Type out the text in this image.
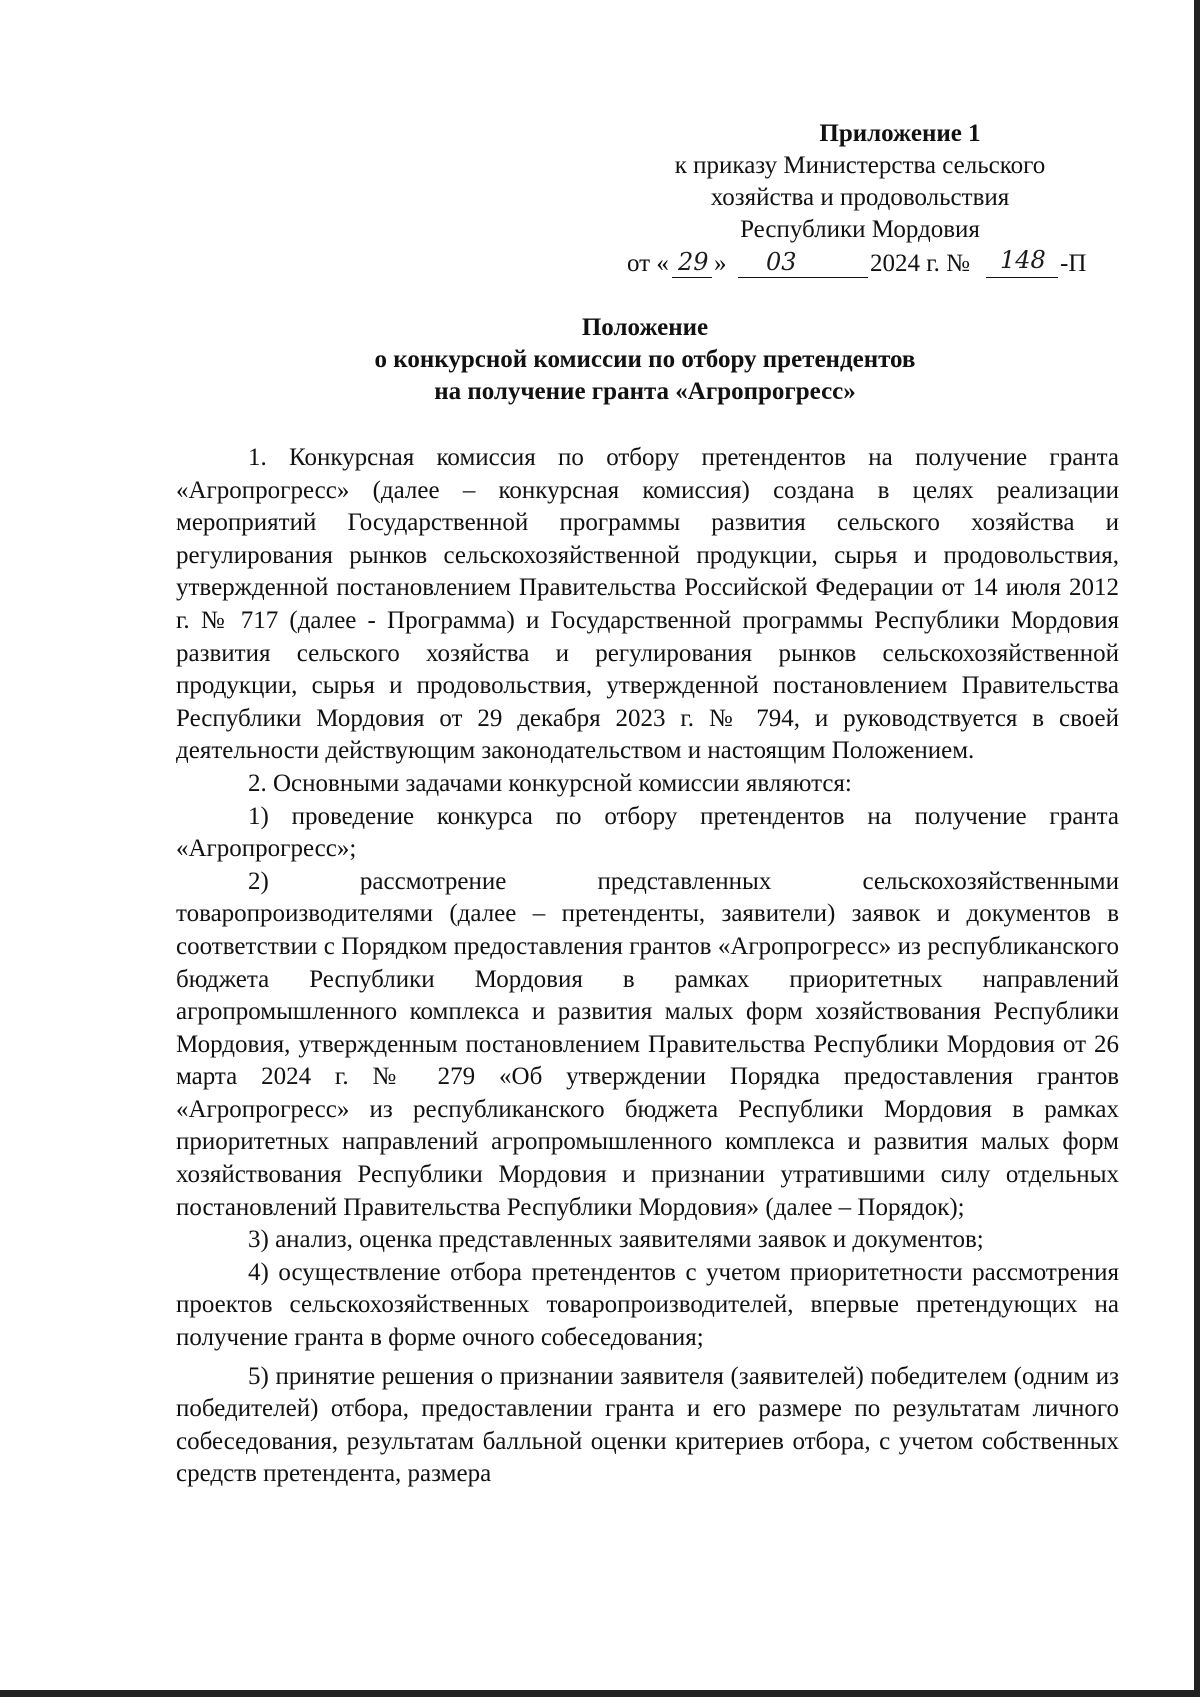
Приложение 1
к приказу Министерства сельского
хозяйства и продовольствия
Республики Мордовия
от « 29 » 03	2024 г. № 148 -П
Положение
о конкурсной комиссии по отбору претендентов
на получение гранта «Агропрогресс»

1. Конкурсная комиссия по отбору претендентов на получение гранта «Агропрогресс» (далее – конкурсная комиссия) создана в целях реализации мероприятий Государственной программы развития сельского хозяйства и регулирования рынков сельскохозяйственной продукции, сырья и продовольствия, утвержденной постановлением Правительства Российской Федерации от 14 июля 2012 г. № 717 (далее - Программа) и Государственной программы Республики Мордовия развития сельского хозяйства и регулирования рынков сельскохозяйственной продукции, сырья и продовольствия, утвержденной постановлением Правительства Республики Мордовия от 29 декабря 2023 г. № 794, и руководствуется в своей деятельности действующим законодательством и настоящим Положением.

2. Основными задачами конкурсной комиссии являются:

1) проведение конкурса по отбору претендентов на получение гранта «Агропрогресс»;

2) рассмотрение представленных сельскохозяйственными товаропроизводителями (далее – претенденты, заявители) заявок и документов в соответствии с Порядком предоставления грантов «Агропрогресс» из республиканского бюджета Республики Мордовия в рамках приоритетных направлений агропромышленного комплекса и развития малых форм хозяйствования Республики Мордовия, утвержденным постановлением Правительства Республики Мордовия от 26 марта 2024 г. № 279 «Об утверждении Порядка предоставления грантов «Агропрогресс» из республиканского бюджета Республики Мордовия в рамках приоритетных направлений агропромышленного комплекса и развития малых форм хозяйствования Республики Мордовия и признании утратившими силу отдельных постановлений Правительства Республики Мордовия» (далее – Порядок);

3) анализ, оценка представленных заявителями заявок и документов;

4) осуществление отбора претендентов с учетом приоритетности рассмотрения проектов сельскохозяйственных товаропроизводителей, впервые претендующих на получение гранта в форме очного собеседования;

5) принятие решения о признании заявителя (заявителей) победителем (одним из победителей) отбора, предоставлении гранта и его размере по результатам личного собеседования, результатам балльной оценки критериев отбора, с учетом собственных средств претендента, размера
